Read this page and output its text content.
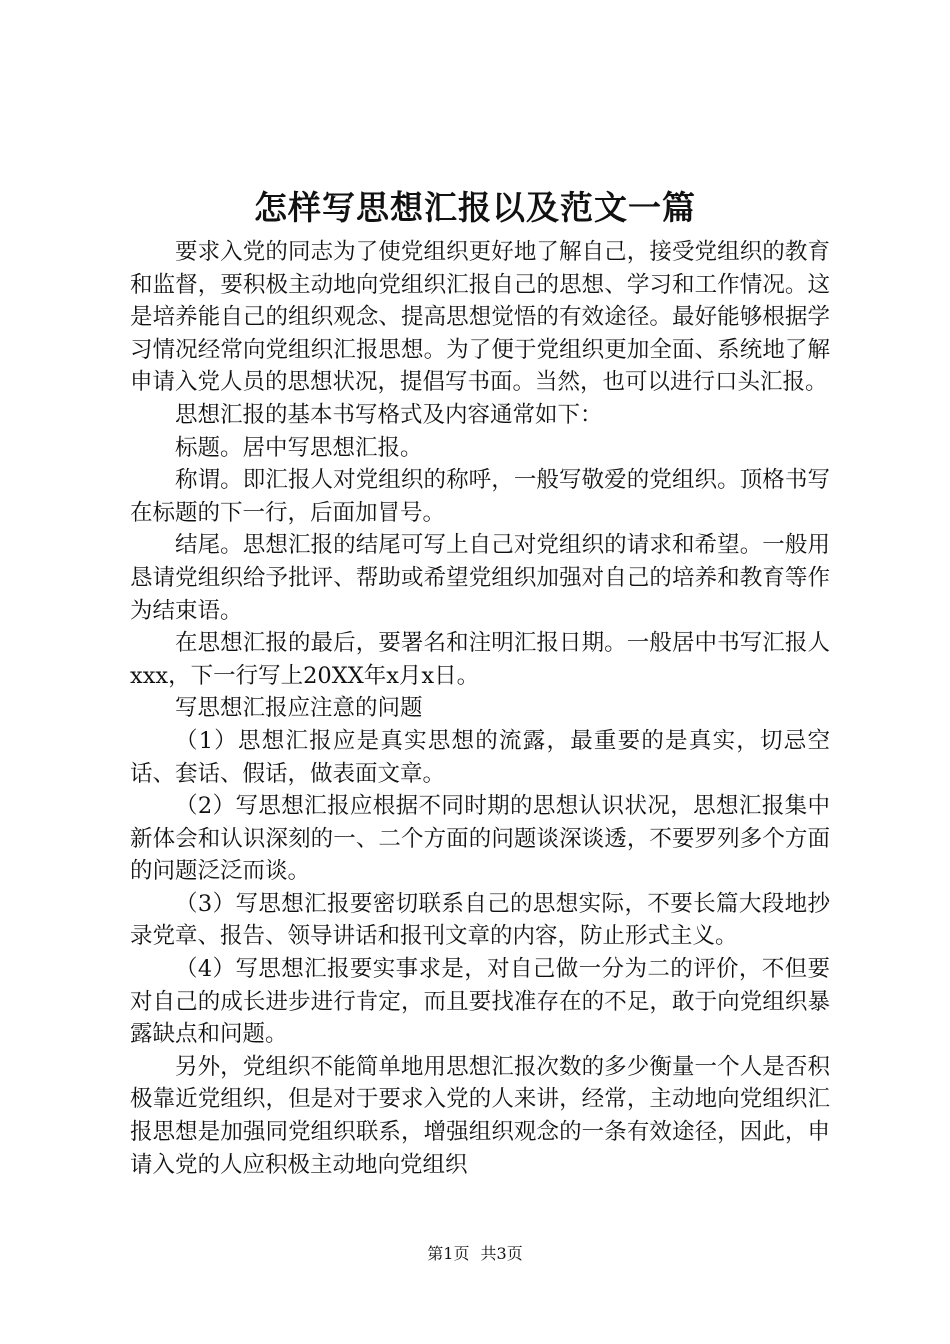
怎样写思想汇报以及范文一篇

要求入党的同志为了使党组织更好地了解自己，接受党组织的教育和监督，要积极主动地向党组织汇报自己的思想、学习和工作情况。这是培养能自己的组织观念、提高思想觉悟的有效途径。最好能够根据学习情况经常向党组织汇报思想。为了便于党组织更加全面、系统地了解申请入党人员的思想状况，提倡写书面。当然，也可以进行口头汇报。

思想汇报的基本书写格式及内容通常如下：

标题。居中写思想汇报。

称谓。即汇报人对党组织的称呼，一般写敬爱的党组织。顶格书写在标题的下一行，后面加冒号。

结尾。思想汇报的结尾可写上自己对党组织的请求和希望。一般用恳请党组织给予批评、帮助或希望党组织加强对自己的培养和教育等作为结束语。

在思想汇报的最后，要署名和注明汇报日期。一般居中书写汇报人xxx，下一行写上20XX年x月x日。

写思想汇报应注意的问题

（1）思想汇报应是真实思想的流露，最重要的是真实，切忌空话、套话、假话，做表面文章。

（2）写思想汇报应根据不同时期的思想认识状况，思想汇报集中新体会和认识深刻的一、二个方面的问题谈深谈透，不要罗列多个方面的问题泛泛而谈。

（3）写思想汇报要密切联系自己的思想实际，不要长篇大段地抄录党章、报告、领导讲话和报刊文章的内容，防止形式主义。

（4）写思想汇报要实事求是，对自己做一分为二的评价，不但要对自己的成长进步进行肯定，而且要找准存在的不足，敢于向党组织暴露缺点和问题。

另外，党组织不能简单地用思想汇报次数的多少衡量一个人是否积极靠近党组织，但是对于要求入党的人来讲，经常，主动地向党组织汇报思想是加强同党组织联系，增强组织观念的一条有效途径，因此，申请入党的人应积极主动地向党组织

第1页 共3页
